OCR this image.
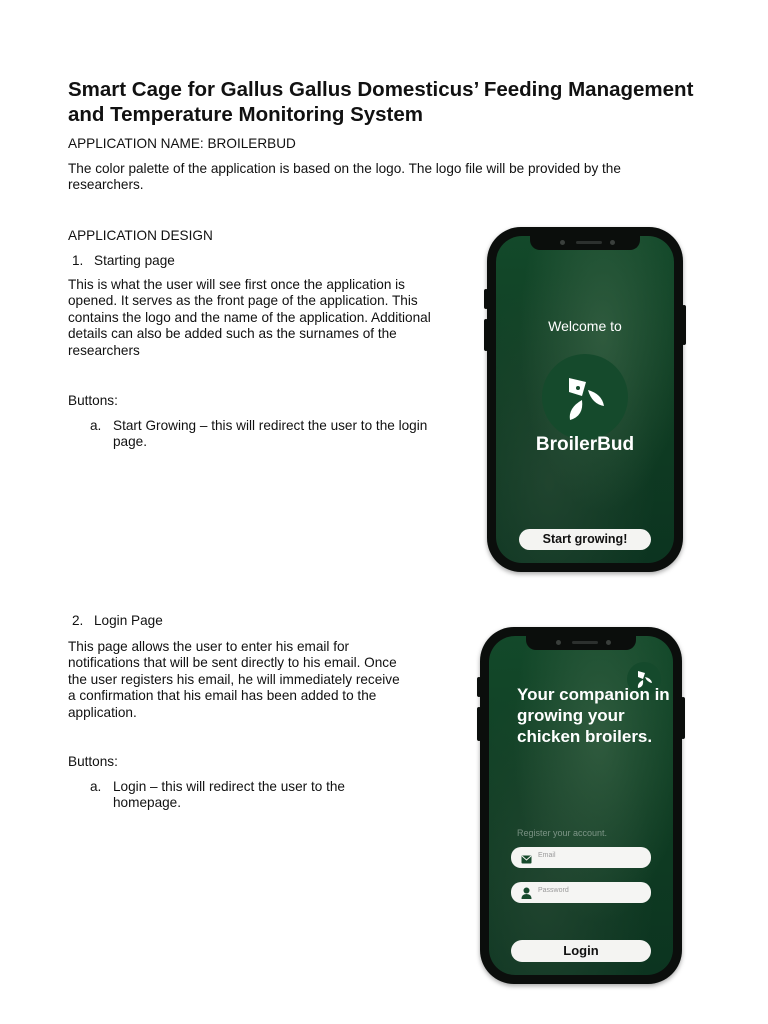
Smart Cage for Gallus Gallus Domesticus’ Feeding Management and Temperature Monitoring System

APPLICATION NAME: BROILERBUD

The color palette of the application is based on the logo. The logo file will be provided by the researchers.

APPLICATION DESIGN

1. Starting page

This is what the user will see first once the application is opened. It serves as the front page of the application. This contains the logo and the name of the application. Additional details can also be added such as the surnames of the researchers

Buttons:

a. Start Growing – this will redirect the user to the login page.

Welcome to
BroilerBud
Start growing!
2. Login Page

This page allows the user to enter his email for notifications that will be sent directly to his email. Once the user registers his email, he will immediately receive a confirmation that his email has been added to the application.

Buttons:

a. Login – this will redirect the user to the homepage.

Your companion in growing your chicken broilers.
Register your account.
Email
Password
Login
